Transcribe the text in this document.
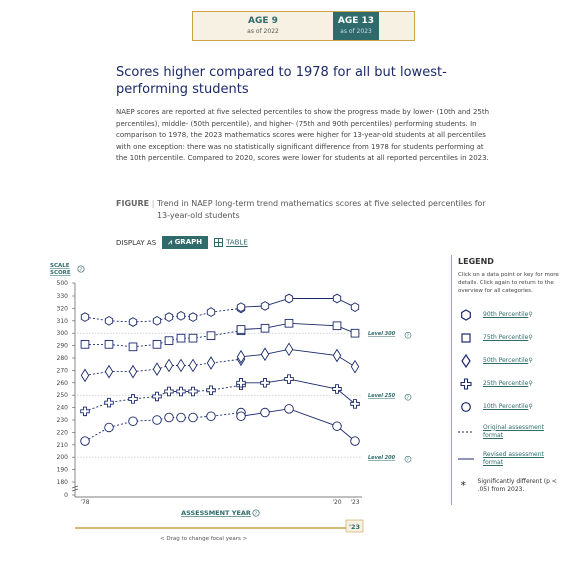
AGE 9
as of 2022
AGE 13
as of 2023
Scores higher compared to 1978 for all but lowest-performing students

NAEP scores are reported at five selected percentiles to show the progress made by lower- (10th and 25th percentiles), middle- (50th percentile), and higher- (75th and 90th percentiles) performing students. In comparison to 1978, the 2023 mathematics scores were higher for 13-year-old students at all percentiles with one exception: there was no statistically significant difference from 1978 for students performing at the 10th percentile. Compared to 2020, scores were lower for students at all reported percentiles in 2023.

FIGURE | Trend in NAEP long-term trend mathematics scores at five selected percentiles for 13-year-old students
DISPLAY AS	⩘ GRAPH	TABLE
SCALE
SCORE ?
0
180
190
200
210
220
230
240
250
260
270
280
290
300
310
320
330
500
'78	'20 '23
ASSESSMENT YEAR ?
Level 300	?
Level 250	?
Level 200	?
'23
LEGEND
Click on a data point or key for more details. Click again to return to the overview for all categories.
90th Percentile ⚲
75th Percentile ⚲
50th Percentile ⚲
25th Percentile ⚲
10th Percentile ⚲
Original assessment format
Revised assessment format
*	Significantly different (p < .05) from 2023.
< Drag to change focal years >
